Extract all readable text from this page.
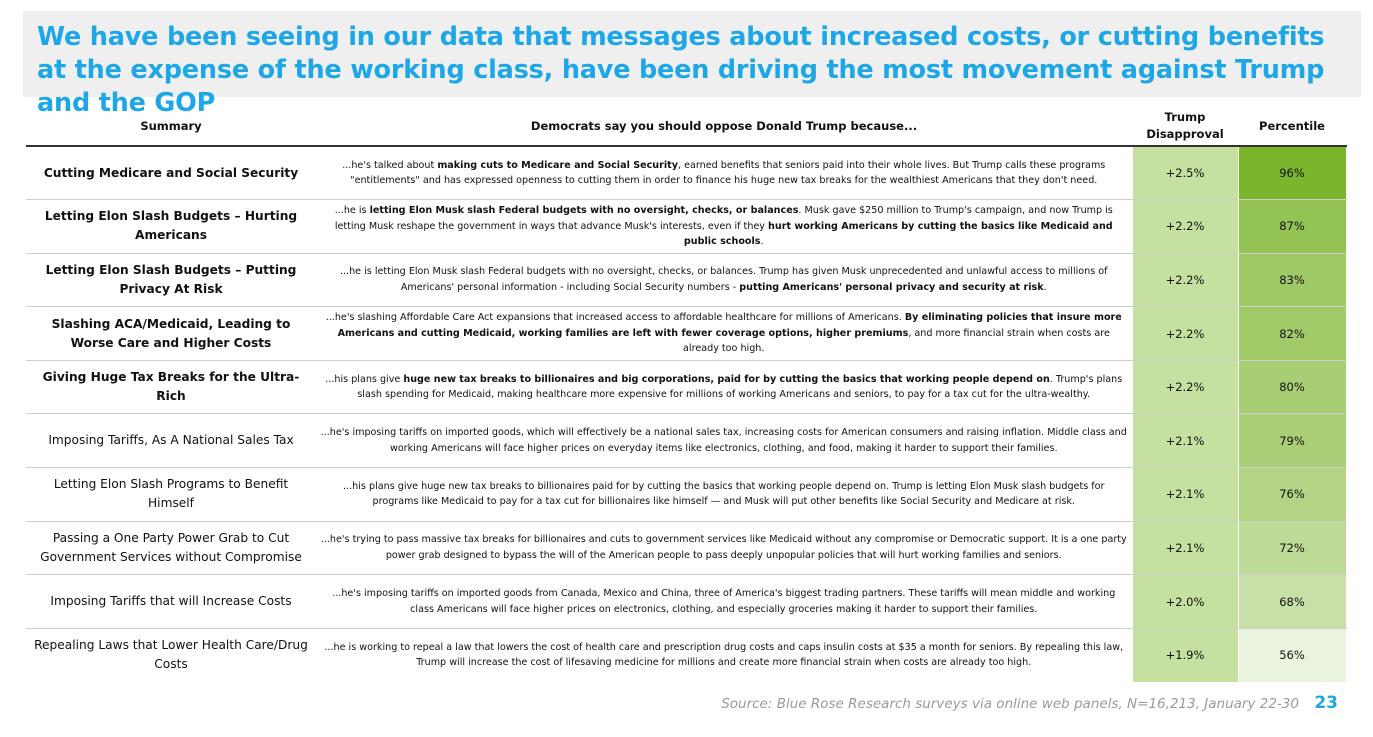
We have been seeing in our data that messages about increased costs, or cutting benefits at the expense of the working class, have been driving the most movement against Trump and the GOP
Summary	Democrats say you should oppose Donald Trump because...	Trump Disapproval	Percentile
Cutting Medicare and Social Security	...he's talked about making cuts to Medicare and Social Security, earned benefits that seniors paid into their whole lives. But Trump calls these programs "entitlements" and has expressed openness to cutting them in order to finance his huge new tax breaks for the wealthiest Americans that they don't need.	+2.5%	96%
Letting Elon Slash Budgets – Hurting Americans	...he is letting Elon Musk slash Federal budgets with no oversight, checks, or balances. Musk gave $250 million to Trump's campaign, and now Trump is letting Musk reshape the government in ways that advance Musk's interests, even if they hurt working Americans by cutting the basics like Medicaid and public schools.	+2.2%	87%
Letting Elon Slash Budgets – Putting Privacy At Risk	...he is letting Elon Musk slash Federal budgets with no oversight, checks, or balances. Trump has given Musk unprecedented and unlawful access to millions of Americans' personal information - including Social Security numbers - putting Americans' personal privacy and security at risk.	+2.2%	83%
Slashing ACA/Medicaid, Leading to Worse Care and Higher Costs	...he's slashing Affordable Care Act expansions that increased access to affordable healthcare for millions of Americans. By eliminating policies that insure more Americans and cutting Medicaid, working families are left with fewer coverage options, higher premiums, and more financial strain when costs are already too high.	+2.2%	82%
Giving Huge Tax Breaks for the Ultra-Rich	...his plans give huge new tax breaks to billionaires and big corporations, paid for by cutting the basics that working people depend on. Trump's plans slash spending for Medicaid, making healthcare more expensive for millions of working Americans and seniors, to pay for a tax cut for the ultra-wealthy.	+2.2%	80%
Imposing Tariffs, As A National Sales Tax	...he's imposing tariffs on imported goods, which will effectively be a national sales tax, increasing costs for American consumers and raising inflation. Middle class and working Americans will face higher prices on everyday items like electronics, clothing, and food, making it harder to support their families.	+2.1%	79%
Letting Elon Slash Programs to Benefit Himself	...his plans give huge new tax breaks to billionaires paid for by cutting the basics that working people depend on. Trump is letting Elon Musk slash budgets for programs like Medicaid to pay for a tax cut for billionaires like himself — and Musk will put other benefits like Social Security and Medicare at risk.	+2.1%	76%
Passing a One Party Power Grab to Cut Government Services without Compromise	...he's trying to pass massive tax breaks for billionaires and cuts to government services like Medicaid without any compromise or Democratic support. It is a one party power grab designed to bypass the will of the American people to pass deeply unpopular policies that will hurt working families and seniors.	+2.1%	72%
Imposing Tariffs that will Increase Costs	...he's imposing tariffs on imported goods from Canada, Mexico and China, three of America's biggest trading partners. These tariffs will mean middle and working class Americans will face higher prices on electronics, clothing, and especially groceries making it harder to support their families.	+2.0%	68%
Repealing Laws that Lower Health Care/Drug Costs	...he is working to repeal a law that lowers the cost of health care and prescription drug costs and caps insulin costs at $35 a month for seniors. By repealing this law, Trump will increase the cost of lifesaving medicine for millions and create more financial strain when costs are already too high.	+1.9%	56%
Source: Blue Rose Research surveys via online web panels, N=16,213, January 22-30 23
